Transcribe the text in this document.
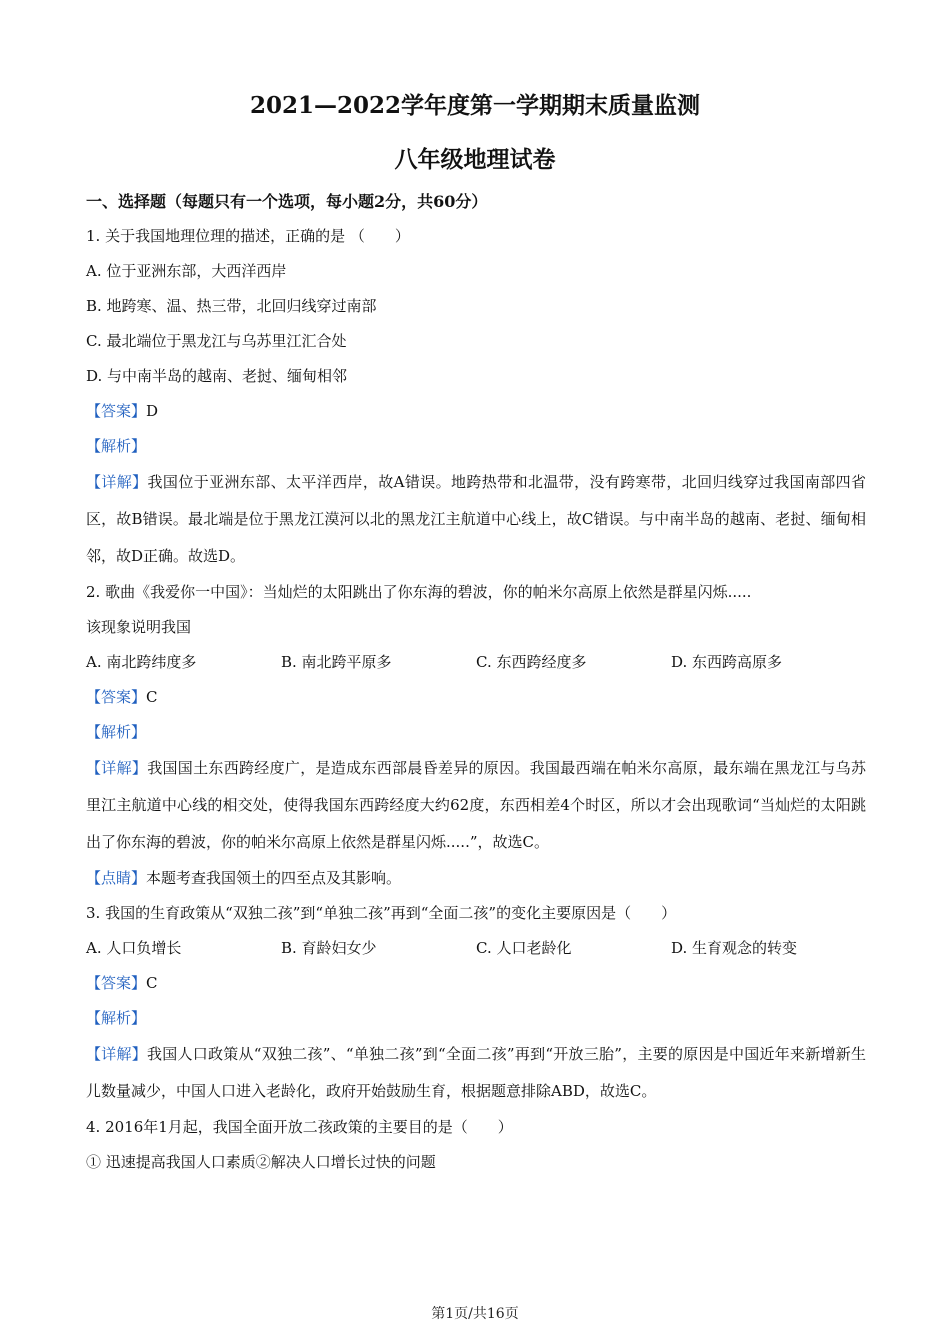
2021—2022学年度第一学期期末质量监测
八年级地理试卷
一、选择题（每题只有一个选项，每小题2分，共60分）
1. 关于我国地理位理的描述，正确的是 （　　）
A. 位于亚洲东部，大西洋西岸
B. 地跨寒、温、热三带，北回归线穿过南部
C. 最北端位于黑龙江与乌苏里江汇合处
D. 与中南半岛的越南、老挝、缅甸相邻
【答案】D
【解析】
【详解】我国位于亚洲东部、太平洋西岸，故A错误。地跨热带和北温带，没有跨寒带，北回归线穿过我国南部四省区，故B错误。最北端是位于黑龙江漠河以北的黑龙江主航道中心线上，故C错误。与中南半岛的越南、老挝、缅甸相邻，故D正确。故选D。
2. 歌曲《我爱你一中国》：当灿烂的太阳跳出了你东海的碧波，你的帕米尔高原上依然是群星闪烁.....
该现象说明我国
A. 南北跨纬度多	B. 南北跨平原多	C. 东西跨经度多	D. 东西跨高原多
【答案】C
【解析】
【详解】我国国土东西跨经度广，是造成东西部晨昏差异的原因。我国最西端在帕米尔高原，最东端在黑龙江与乌苏里江主航道中心线的相交处，使得我国东西跨经度大约62度，东西相差4个时区，所以才会出现歌词“当灿烂的太阳跳出了你东海的碧波，你的帕米尔高原上依然是群星闪烁.....”，故选C。
【点睛】本题考查我国领土的四至点及其影响。
3. 我国的生育政策从“双独二孩”到“单独二孩”再到“全面二孩”的变化主要原因是（　　）
A. 人口负增长	B. 育龄妇女少	C. 人口老龄化	D. 生育观念的转变
【答案】C
【解析】
【详解】我国人口政策从“双独二孩”、“单独二孩”到“全面二孩”再到“开放三胎”，主要的原因是中国近年来新增新生儿数量减少，中国人口进入老龄化，政府开始鼓励生育，根据题意排除ABD，故选C。
4. 2016年1月起，我国全面开放二孩政策的主要目的是（　　）
① 迅速提高我国人口素质②解决人口增长过快的问题
第1页/共16页
